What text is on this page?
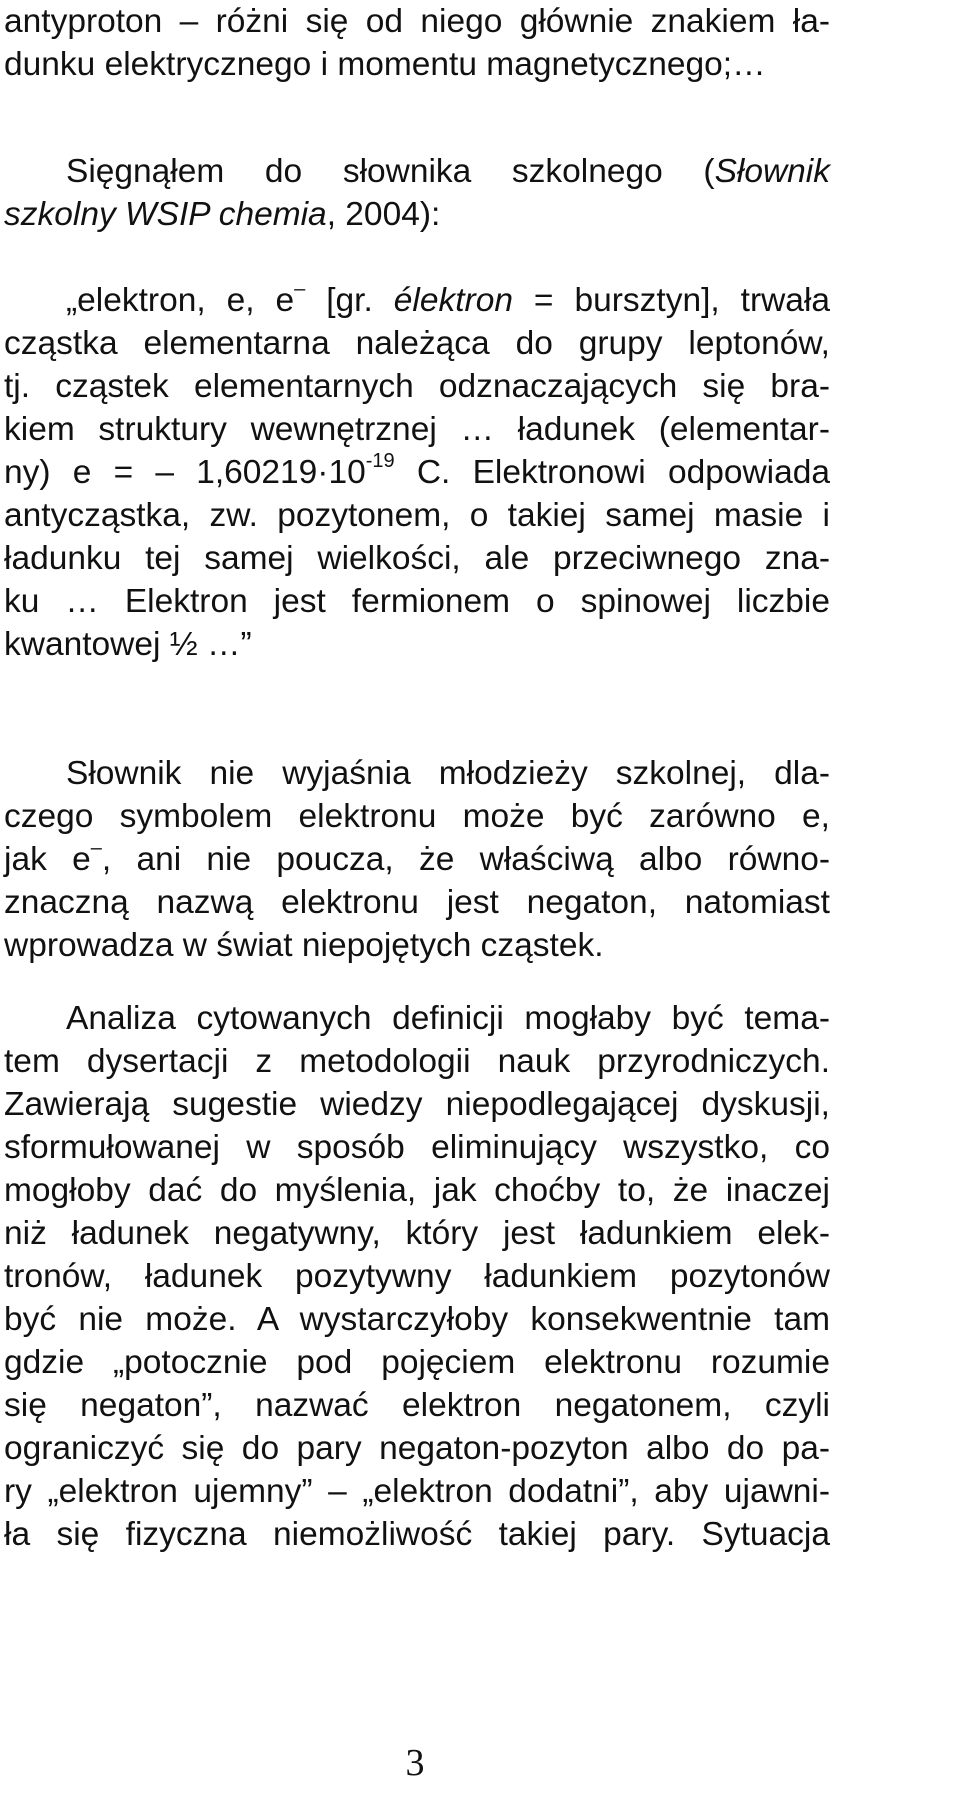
antyproton – różni się od niego głównie znakiem ła-
dunku elektrycznego i momentu magnetycznego;…
Sięgnąłem do słownika szkolnego (Słownik
szkolny WSIP chemia, 2004):
„elektron, e, e– [gr. élektron = bursztyn], trwała
cząstka elementarna należąca do grupy leptonów,
tj. cząstek elementarnych odznaczających się bra-
kiem struktury wewnętrznej … ładunek (elementar-
ny) e = – $1,60219\cdot 10^{-19}$ C. Elektronowi odpowiada
antycząstka, zw. pozytonem, o takiej samej masie i
ładunku tej samej wielkości, ale przeciwnego zna-
ku … Elektron jest fermionem o spinowej liczbie
kwantowej ½ …”
Słownik nie wyjaśnia młodzieży szkolnej, dla-
czego symbolem elektronu może być zarówno e,
jak e–, ani nie poucza, że właściwą albo równo-
znaczną nazwą elektronu jest negaton, natomiast
wprowadza w świat niepojętych cząstek.
Analiza cytowanych definicji mogłaby być tema-
tem dysertacji z metodologii nauk przyrodniczych.
Zawierają sugestie wiedzy niepodlegającej dyskusji,
sformułowanej w sposób eliminujący wszystko, co
mogłoby dać do myślenia, jak choćby to, że inaczej
niż ładunek negatywny, który jest ładunkiem elek-
tronów, ładunek pozytywny ładunkiem pozytonów
być nie może. A wystarczyłoby konsekwentnie tam
gdzie „potocznie pod pojęciem elektronu rozumie
się negaton”, nazwać elektron negatonem, czyli
ograniczyć się do pary negaton-pozyton albo do pa-
ry „elektron ujemny” – „elektron dodatni”, aby ujawni-
ła się fizyczna niemożliwość takiej pary. Sytuacja
3
